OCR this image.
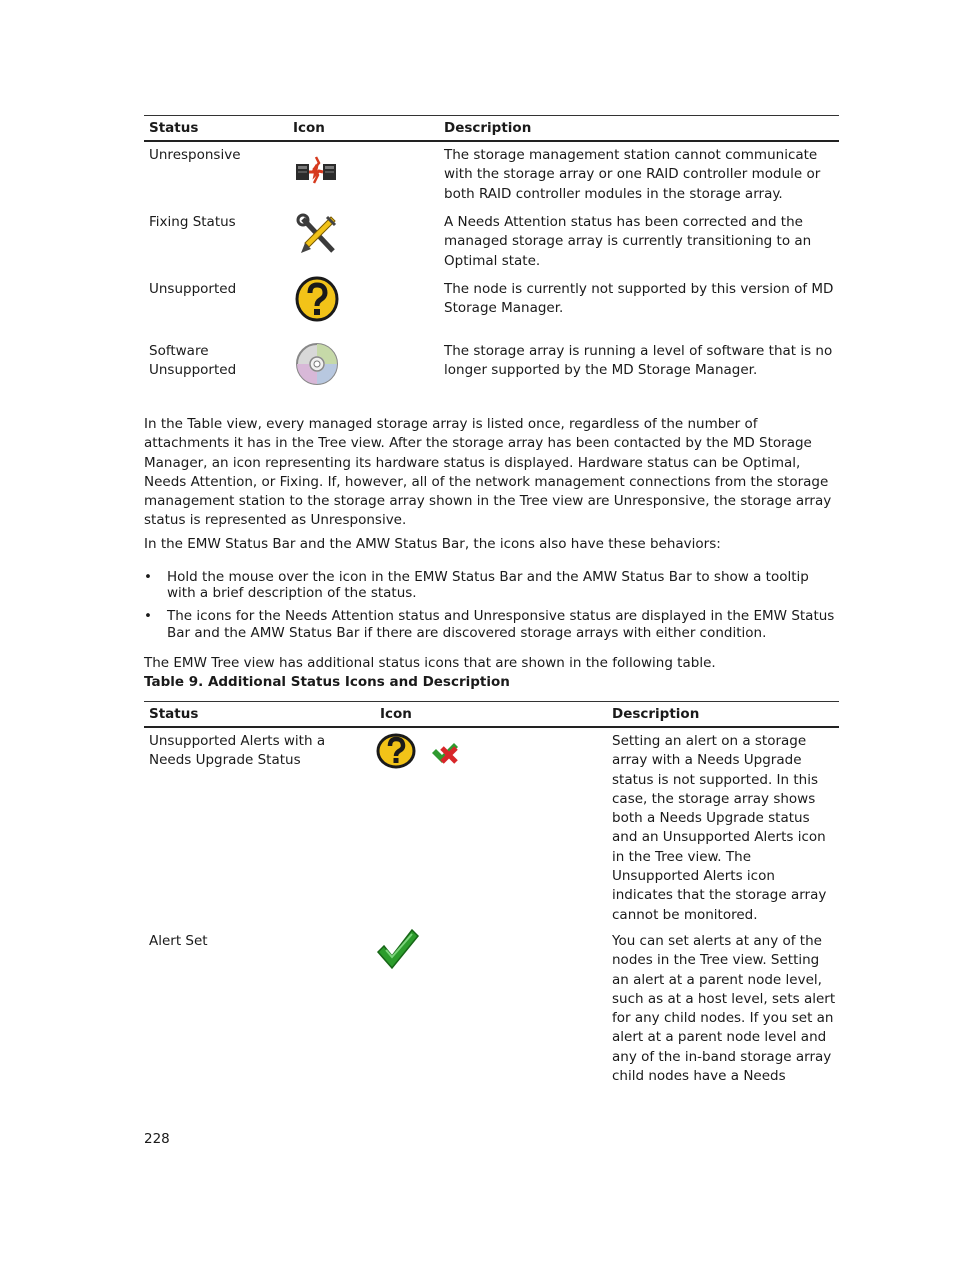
Status	Icon	Description
Unresponsive		The storage management station cannot communicate with the storage array or one RAID controller module or both RAID controller modules in the storage array.
Fixing Status		A Needs Attention status has been corrected and the managed storage array is currently transitioning to an Optimal state.
Unsupported		The node is currently not supported by this version of MD Storage Manager.
Software Unsupported		The storage array is running a level of software that is no longer supported by the MD Storage Manager.

In the Table view, every managed storage array is listed once, regardless of the number of attachments it has in the Tree view. After the storage array has been contacted by the MD Storage Manager, an icon representing its hardware status is displayed. Hardware status can be Optimal, Needs Attention, or Fixing. If, however, all of the network management connections from the storage management station to the storage array shown in the Tree view are Unresponsive, the storage array status is represented as Unresponsive.

In the EMW Status Bar and the AMW Status Bar, the icons also have these behaviors:

• Hold the mouse over the icon in the EMW Status Bar and the AMW Status Bar to show a tooltip with a brief description of the status.
• The icons for the Needs Attention status and Unresponsive status are displayed in the EMW Status Bar and the AMW Status Bar if there are discovered storage arrays with either condition.

The EMW Tree view has additional status icons that are shown in the following table.

Table 9. Additional Status Icons and Description

Status	Icon	Description
Unsupported Alerts with a Needs Upgrade Status		Setting an alert on a storage array with a Needs Upgrade status is not supported. In this case, the storage array shows both a Needs Upgrade status and an Unsupported Alerts icon in the Tree view. The Unsupported Alerts icon indicates that the storage array cannot be monitored.
Alert Set		You can set alerts at any of the nodes in the Tree view. Setting an alert at a parent node level, such as at a host level, sets alert for any child nodes. If you set an alert at a parent node level and any of the in-band storage array child nodes have a Needs
228
